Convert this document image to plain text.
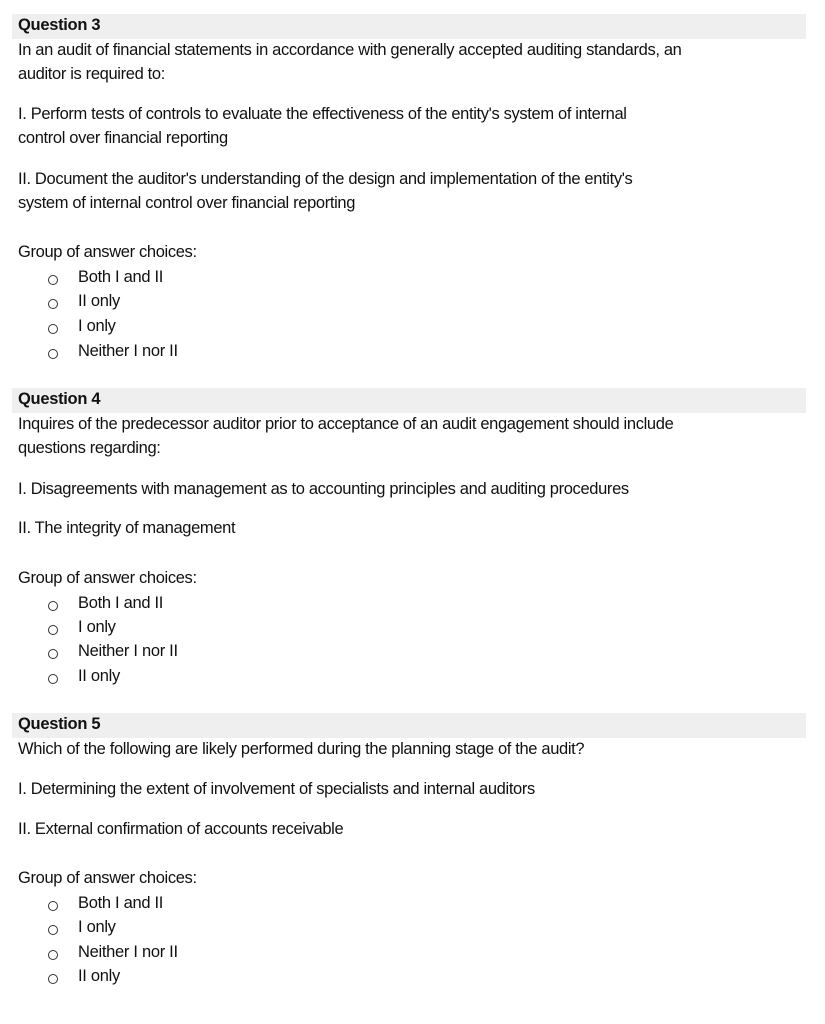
Question 3
In an audit of financial statements in accordance with generally accepted auditing standards, an
auditor is required to:
I. Perform tests of controls to evaluate the effectiveness of the entity's system of internal
control over financial reporting
II. Document the auditor's understanding of the design and implementation of the entity's
system of internal control over financial reporting
Group of answer choices:
Both I and II
II only
I only
Neither I nor II
Question 4
Inquires of the predecessor auditor prior to acceptance of an audit engagement should include
questions regarding:
I. Disagreements with management as to accounting principles and auditing procedures
II. The integrity of management
Group of answer choices:
Both I and II
I only
Neither I nor II
II only
Question 5
Which of the following are likely performed during the planning stage of the audit?
I. Determining the extent of involvement of specialists and internal auditors
II. External confirmation of accounts receivable
Group of answer choices:
Both I and II
I only
Neither I nor II
II only
